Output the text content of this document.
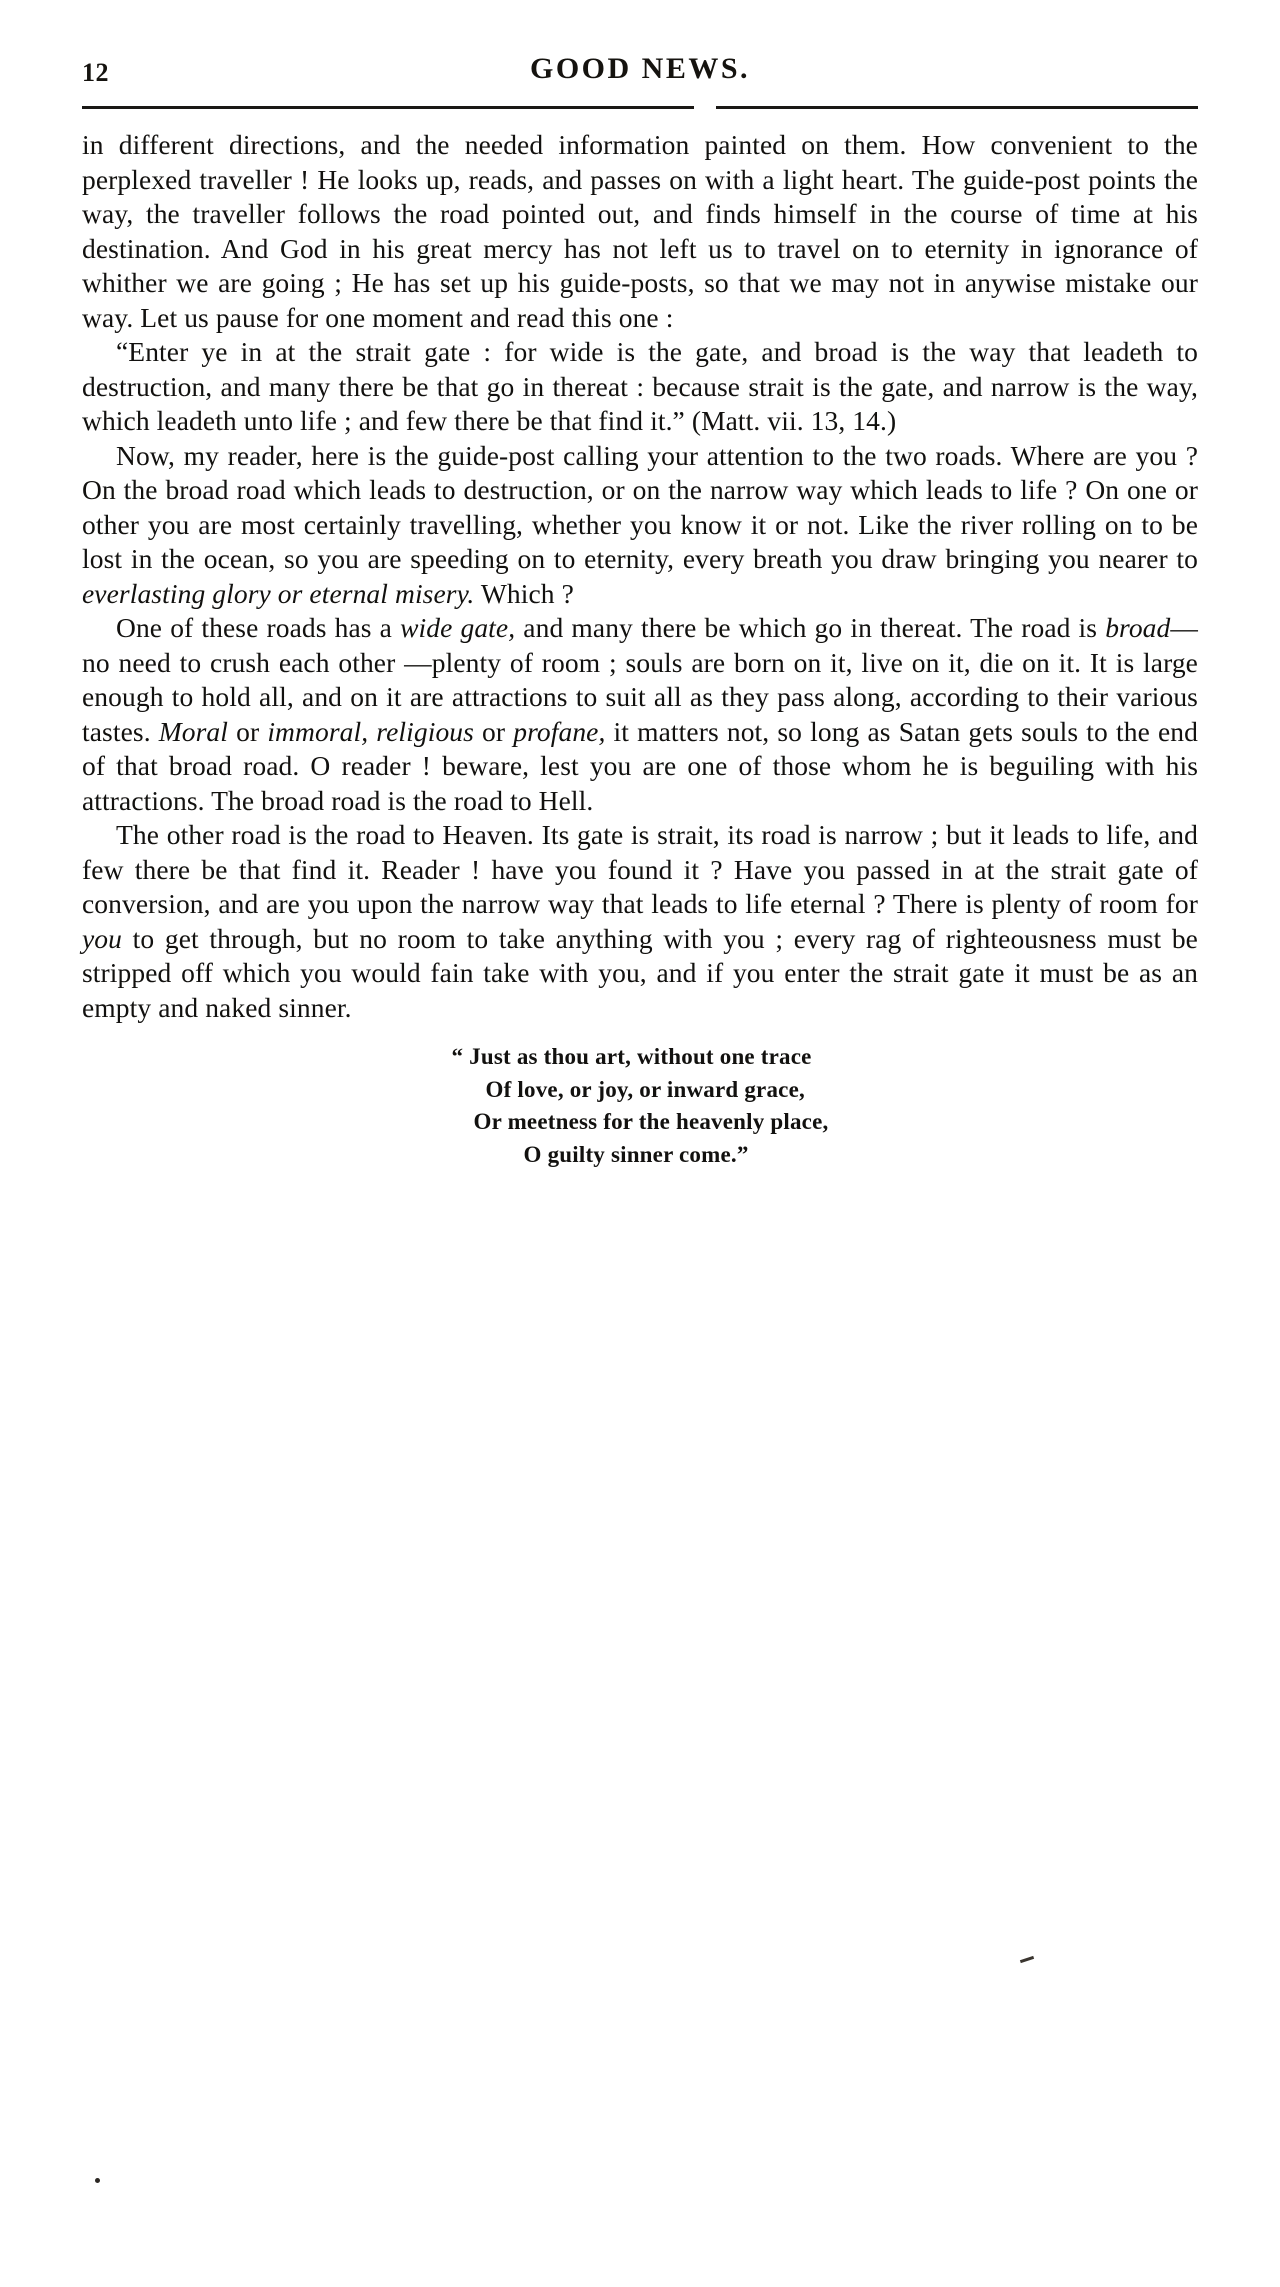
12	GOOD NEWS.

in different directions, and the needed information painted on them. How convenient to the perplexed traveller ! He looks up, reads, and passes on with a light heart. The guide-post points the way, the traveller follows the road pointed out, and finds himself in the course of time at his destination. And God in his great mercy has not left us to travel on to eternity in ignorance of whither we are going ; He has set up his guide-posts, so that we may not in anywise mistake our way. Let us pause for one moment and read this one :

“Enter ye in at the strait gate : for wide is the gate, and broad is the way that leadeth to destruction, and many there be that go in thereat : because strait is the gate, and narrow is the way, which leadeth unto life ; and few there be that find it.” (Matt. vii. 13, 14.)

Now, my reader, here is the guide-post calling your attention to the two roads. Where are you ? On the broad road which leads to destruction, or on the narrow way which leads to life ? On one or other you are most certainly travelling, whether you know it or not. Like the river rolling on to be lost in the ocean, so you are speeding on to eternity, every breath you draw bringing you nearer to everlasting glory or eternal misery. Which ?

One of these roads has a wide gate, and many there be which go in thereat. The road is broad—no need to crush each other —plenty of room ; souls are born on it, live on it, die on it. It is large enough to hold all, and on it are attractions to suit all as they pass along, according to their various tastes. Moral or immoral, religious or profane, it matters not, so long as Satan gets souls to the end of that broad road. O reader ! beware, lest you are one of those whom he is beguiling with his attractions. The broad road is the road to Hell.

The other road is the road to Heaven. Its gate is strait, its road is narrow ; but it leads to life, and few there be that find it. Reader ! have you found it ? Have you passed in at the strait gate of conversion, and are you upon the narrow way that leads to life eternal ? There is plenty of room for you to get through, but no room to take anything with you ; every rag of righteousness must be stripped off which you would fain take with you, and if you enter the strait gate it must be as an empty and naked sinner.

“ Just as thou art, without one trace
Of love, or joy, or inward grace,
Or meetness for the heavenly place,
O guilty sinner come.”
